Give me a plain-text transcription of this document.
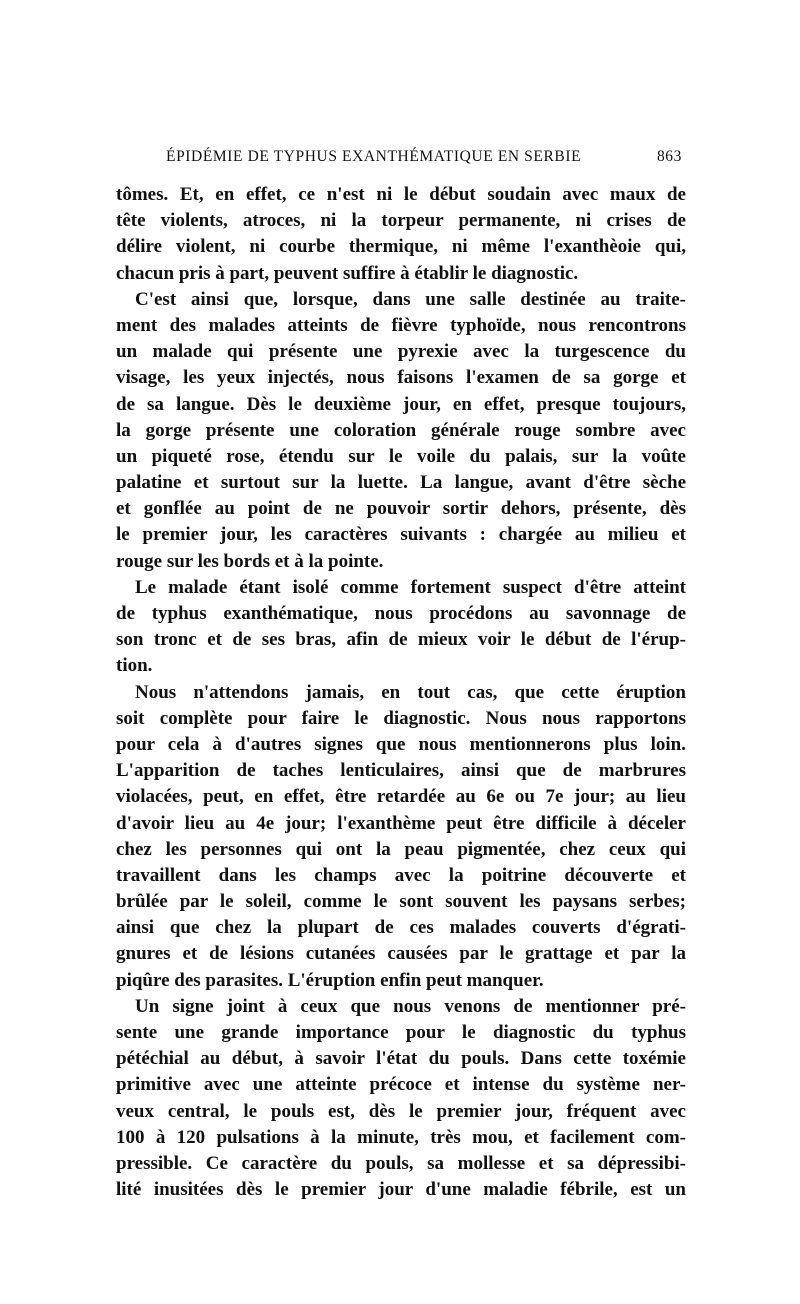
ÉPIDÉMIE DE TYPHUS EXANTHÉMATIQUE EN SERBIE	863

tômes. Et, en effet, ce n'est ni le début soudain avec maux de
tête violents, atroces, ni la torpeur permanente, ni crises de
délire violent, ni courbe thermique, ni même l'exanthèоie qui,
chacun pris à part, peuvent suffire à établir le diagnostic.

C'est ainsi que, lorsque, dans une salle destinée au traite-
ment des malades atteints de fièvre typhoïde, nous rencontrons
un malade qui présente une pyrexie avec la turgescence du
visage, les yeux injectés, nous faisons l'examen de sa gorge et
de sa langue. Dès le deuxième jour, en effet, presque toujours,
la gorge présente une coloration générale rouge sombre avec
un piqueté rose, étendu sur le voile du palais, sur la voûte
palatine et surtout sur la luette. La langue, avant d'être sèche
et gonflée au point de ne pouvoir sortir dehors, présente, dès
le premier jour, les caractères suivants : chargée au milieu et
rouge sur les bords et à la pointe.

Le malade étant isolé comme fortement suspect d'être atteint
de typhus exanthématique, nous procédons au savonnage de
son tronc et de ses bras, afin de mieux voir le début de l'érup-
tion.

Nous n'attendons jamais, en tout cas, que cette éruption
soit complète pour faire le diagnostic. Nous nous rapportons
pour cela à d'autres signes que nous mentionnerons plus loin.
L'apparition de taches lenticulaires, ainsi que de marbrures
violacées, peut, en effet, être retardée au 6e ou 7e jour; au lieu
d'avoir lieu au 4e jour; l'exanthème peut être difficile à déceler
chez les personnes qui ont la peau pigmentée, chez ceux qui
travaillent dans les champs avec la poitrine découverte et
brûlée par le soleil, comme le sont souvent les paysans serbes;
ainsi que chez la plupart de ces malades couverts d'égrati-
gnures et de lésions cutanées causées par le grattage et par la
piqûre des parasites. L'éruption enfin peut manquer.

Un signe joint à ceux que nous venons de mentionner pré-
sente une grande importance pour le diagnostic du typhus
pétéchial au début, à savoir l'état du pouls. Dans cette toxémie
primitive avec une atteinte précoce et intense du système ner-
veux central, le pouls est, dès le premier jour, fréquent avec
100 à 120 pulsations à la minute, très mou, et facilement com-
pressible. Ce caractère du pouls, sa mollesse et sa dépressibi-
lité inusitées dès le premier jour d'une maladie fébrile, est un
